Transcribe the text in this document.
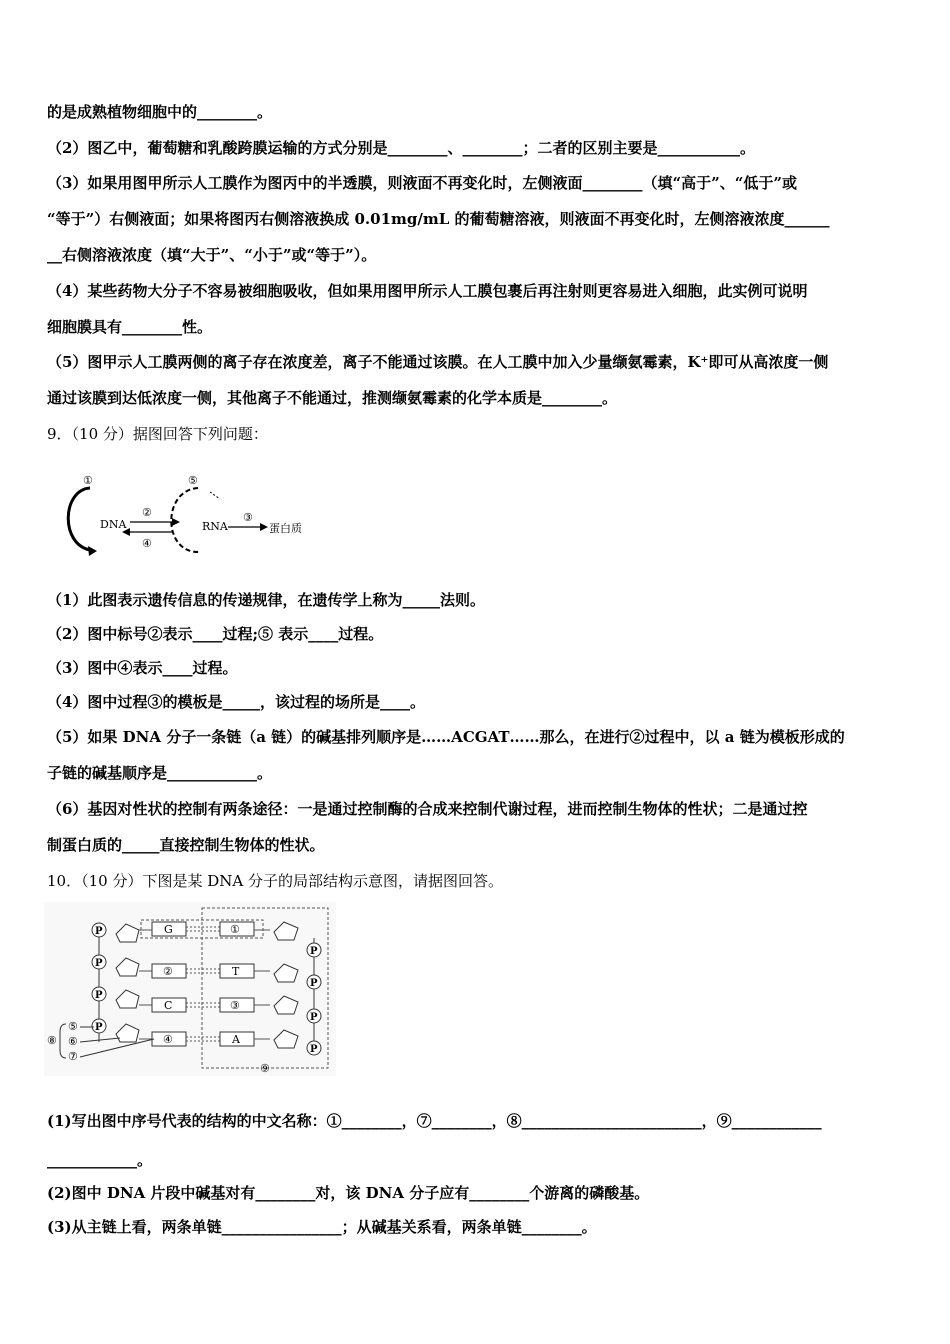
的是成熟植物细胞中的________。
（2）图乙中，葡萄糖和乳酸跨膜运输的方式分别是________、________；二者的区别主要是___________。
（3）如果用图甲所示人工膜作为图丙中的半透膜，则液面不再变化时，左侧液面________（填“高于”、“低于”或
“等于”）右侧液面；如果将图丙右侧溶液换成 0.01mg/mL 的葡萄糖溶液，则液面不再变化时，左侧溶液浓度______
__右侧溶液浓度（填“大于”、“小于”或“等于”）。
（4）某些药物大分子不容易被细胞吸收，但如果用图甲所示人工膜包裹后再注射则更容易进入细胞，此实例可说明
细胞膜具有________性。
（5）图甲示人工膜两侧的离子存在浓度差，离子不能通过该膜。在人工膜中加入少量缬氨霉素，K⁺即可从高浓度一侧
通过该膜到达低浓度一侧，其他离子不能通过，推测缬氨霉素的化学本质是________。
9．（10 分）据图回答下列问题：
①
DNA
②
④
⑤
RNA
③
蛋白质
（1）此图表示遗传信息的传递规律，在遗传学上称为_____法则。
（2）图中标号②表示____过程;⑤ 表示____过程。
（3）图中④表示____过程。
（4）图中过程③的模板是_____，该过程的场所是____。
（5）如果 DNA 分子一条链（a 链）的碱基排列顺序是……ACGAT……那么，在进行②过程中，以 a 链为模板形成的
子链的碱基顺序是____________。
（6）基因对性状的控制有两条途径：一是通过控制酶的合成来控制代谢过程，进而控制生物体的性状；二是通过控
制蛋白质的_____直接控制生物体的性状。
10．（10 分）下图是某 DNA 分子的局部结构示意图，请据图回答。
⑨
P	G	①
P
P
②	T
P
P
C	③
P
P
④	A
P
⑧
⑤
⑥
⑦
(1)写出图中序号代表的结构的中文名称：①________，⑦________，⑧________________________，⑨____________
____________。
(2)图中 DNA 片段中碱基对有________对，该 DNA 分子应有________个游离的磷酸基。
(3)从主链上看，两条单链________________；从碱基关系看，两条单链________。
